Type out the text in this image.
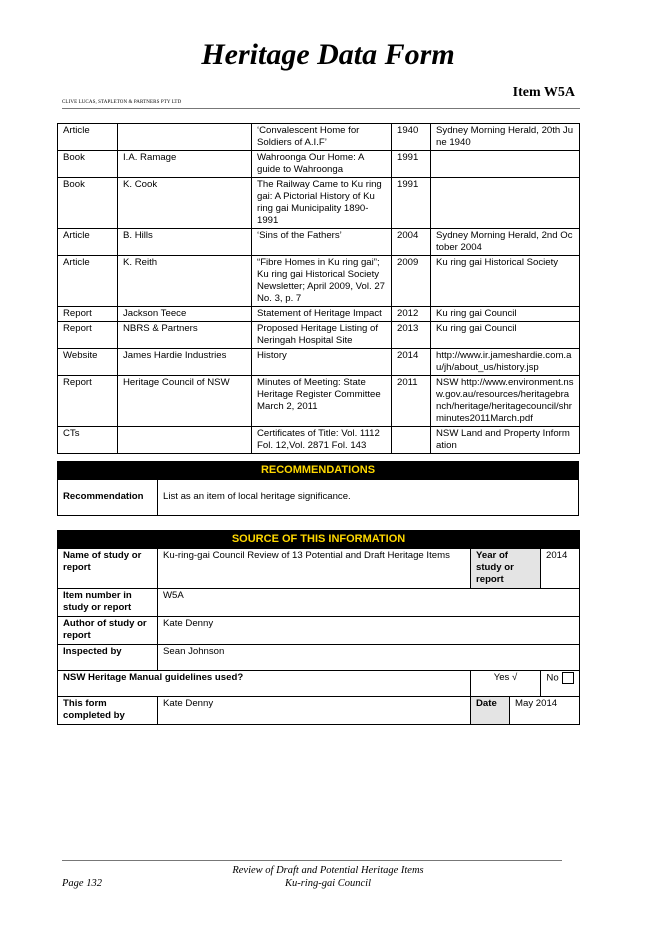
Heritage Data Form
Item W5A
CLIVE LUCAS, STAPLETON & PARTNERS PTY LTD
Article		‘Convalescent Home for Soldiers of A.I.F’	1940	Sydney Morning Herald, 20th June 1940
Book	I.A. Ramage	Wahroonga Our Home: A guide to Wahroonga	1991	
Book	K. Cook	The Railway Came to Ku ring gai: A Pictorial History of Ku ring gai Municipality 1890-1991	1991	
Article	B. Hills	‘Sins of the Fathers’	2004	Sydney Morning Herald, 2nd October 2004
Article	K. Reith	“Fibre Homes in Ku ring gai”; Ku ring gai Historical Society Newsletter; April 2009, Vol. 27 No. 3, p. 7	2009	Ku ring gai Historical Society
Report	Jackson Teece	Statement of Heritage Impact	2012	Ku ring gai Council
Report	NBRS & Partners	Proposed Heritage Listing of Neringah Hospital Site	2013	Ku ring gai Council
Website	James Hardie Industries	History	2014	http://www.ir.jameshardie.com.au/jh/about_us/history.jsp
Report	Heritage Council of NSW	Minutes of Meeting: State Heritage Register Committee March 2, 2011	2011	NSW http://www.environment.nsw.gov.au/resources/heritagebranch/heritage/heritagecouncil/shrminutes2011March.pdf
CTs		Certificates of Title: Vol. 1112 Fol. 12,Vol. 2871 Fol. 143		NSW Land and Property Information
RECOMMENDATIONS
Recommendation	List as an item of local heritage significance.
SOURCE OF THIS INFORMATION				
Name of study or report	Ku-ring-gai Council Review of 13 Potential and Draft Heritage Items	Year of study or report		2014
Item number in study or report	W5A			
Author of study or report	Kate Denny			
Inspected by	Sean Johnson			
NSW Heritage Manual guidelines used?		Yes √		No
This form completed by	Kate Denny	Date	May 2014	
Review of Draft and Potential Heritage Items
Ku-ring-gai Council
Page 132
